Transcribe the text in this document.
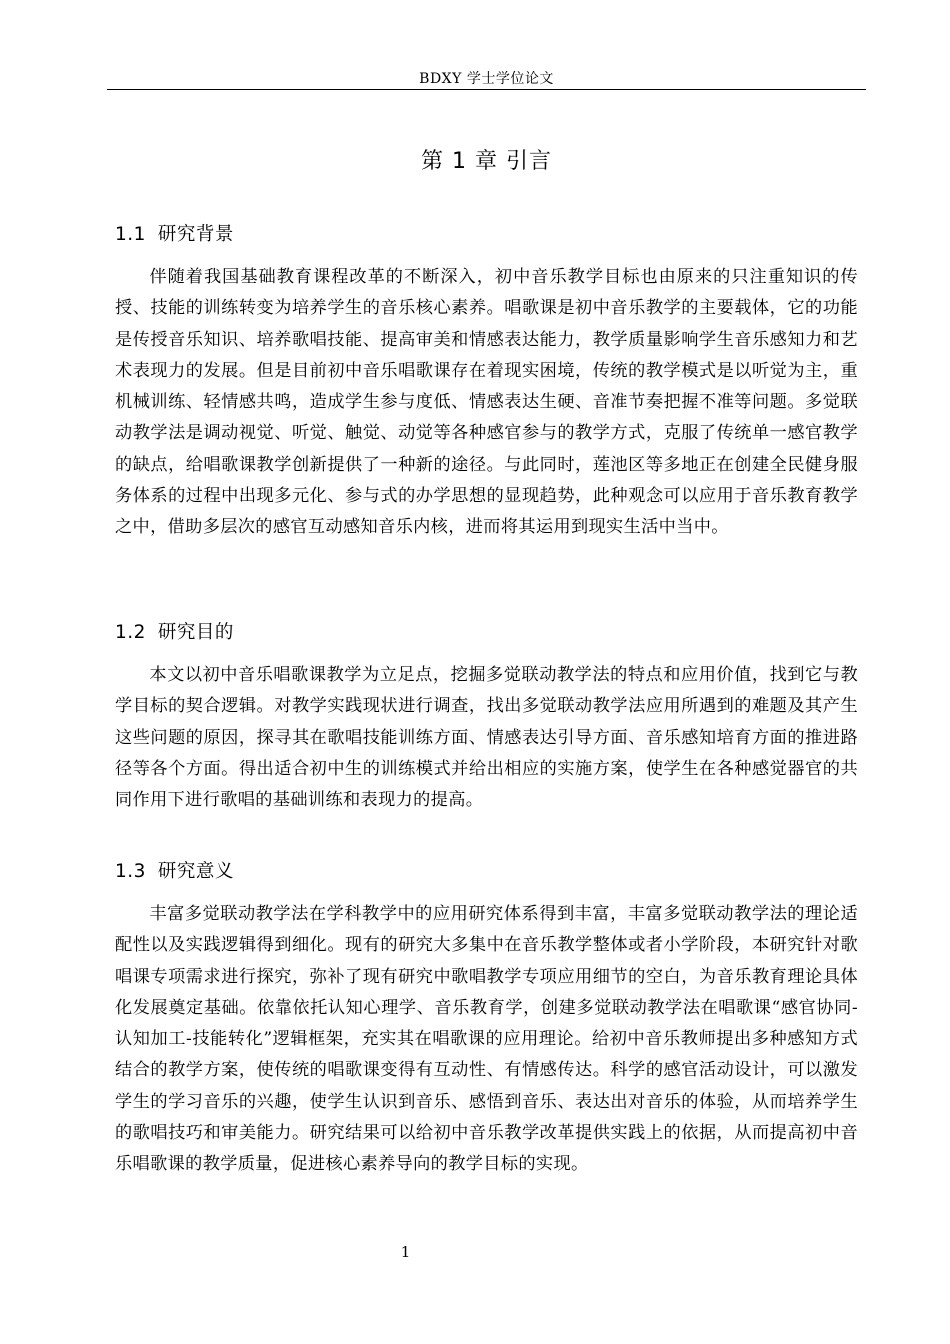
BDXY 学士学位论文
第 1 章 引言
1.1 研究背景
伴随着我国基础教育课程改革的不断深入，初中音乐教学目标也由原来的只注重知识的传授、技能的训练转变为培养学生的音乐核心素养。唱歌课是初中音乐教学的主要载体，它的功能是传授音乐知识、培养歌唱技能、提高审美和情感表达能力，教学质量影响学生音乐感知力和艺术表现力的发展。但是目前初中音乐唱歌课存在着现实困境，传统的教学模式是以听觉为主，重机械训练、轻情感共鸣，造成学生参与度低、情感表达生硬、音准节奏把握不准等问题。多觉联动教学法是调动视觉、听觉、触觉、动觉等各种感官参与的教学方式，克服了传统单一感官教学的缺点，给唱歌课教学创新提供了一种新的途径。与此同时，莲池区等多地正在创建全民健身服务体系的过程中出现多元化、参与式的办学思想的显现趋势，此种观念可以应用于音乐教育教学之中，借助多层次的感官互动感知音乐内核，进而将其运用到现实生活中当中。
1.2 研究目的
本文以初中音乐唱歌课教学为立足点，挖掘多觉联动教学法的特点和应用价值，找到它与教学目标的契合逻辑。对教学实践现状进行调查，找出多觉联动教学法应用所遇到的难题及其产生这些问题的原因，探寻其在歌唱技能训练方面、情感表达引导方面、音乐感知培育方面的推进路径等各个方面。得出适合初中生的训练模式并给出相应的实施方案，使学生在各种感觉器官的共同作用下进行歌唱的基础训练和表现力的提高。
1.3 研究意义
丰富多觉联动教学法在学科教学中的应用研究体系得到丰富，丰富多觉联动教学法的理论适配性以及实践逻辑得到细化。现有的研究大多集中在音乐教学整体或者小学阶段，本研究针对歌唱课专项需求进行探究，弥补了现有研究中歌唱教学专项应用细节的空白，为音乐教育理论具体化发展奠定基础。依靠依托认知心理学、音乐教育学，创建多觉联动教学法在唱歌课“感官协同-认知加工-技能转化”逻辑框架，充实其在唱歌课的应用理论。给初中音乐教师提出多种感知方式结合的教学方案，使传统的唱歌课变得有互动性、有情感传达。科学的感官活动设计，可以激发学生的学习音乐的兴趣，使学生认识到音乐、感悟到音乐、表达出对音乐的体验，从而培养学生的歌唱技巧和审美能力。研究结果可以给初中音乐教学改革提供实践上的依据，从而提高初中音乐唱歌课的教学质量，促进核心素养导向的教学目标的实现。
1
